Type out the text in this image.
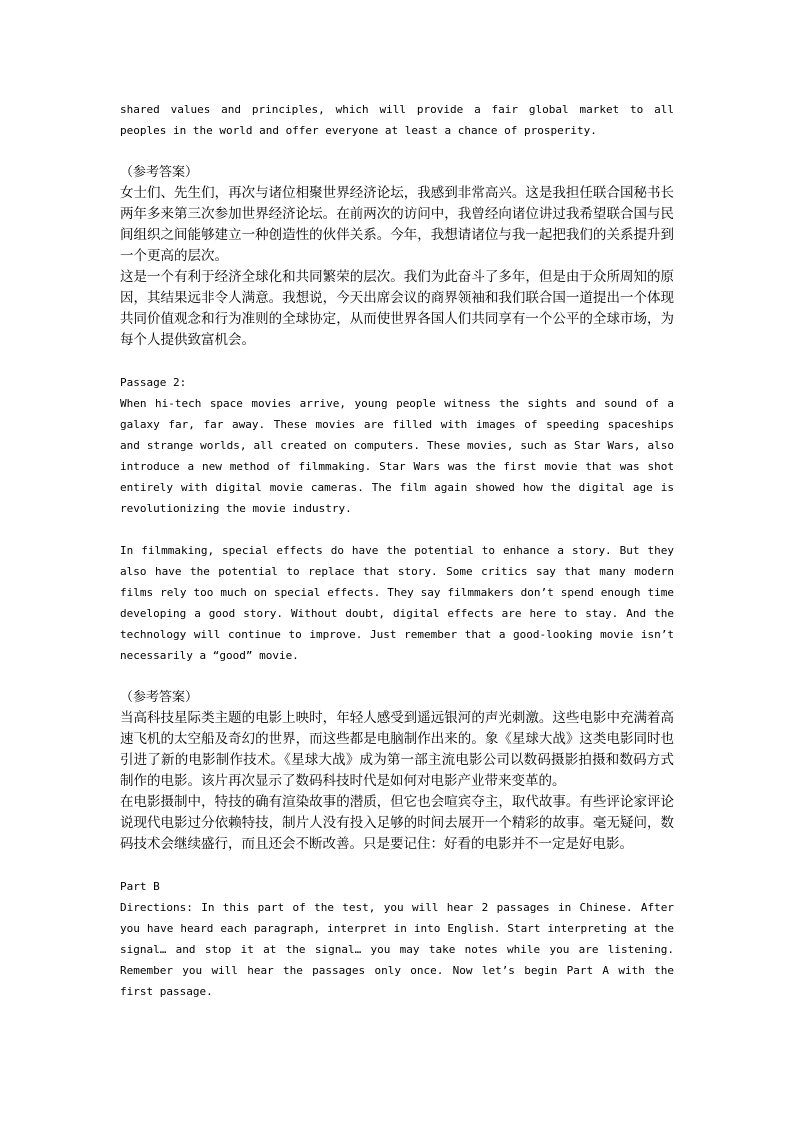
shared values and principles, which will provide a fair global market to all peoples in the world and offer everyone at least a chance of prosperity.

（参考答案）

女士们、先生们，再次与诸位相聚世界经济论坛，我感到非常高兴。这是我担任联合国秘书长两年多来第三次参加世界经济论坛。在前两次的访问中，我曾经向诸位讲过我希望联合国与民间组织之间能够建立一种创造性的伙伴关系。今年，我想请诸位与我一起把我们的关系提升到一个更高的层次。

这是一个有利于经济全球化和共同繁荣的层次。我们为此奋斗了多年，但是由于众所周知的原因，其结果远非令人满意。我想说，今天出席会议的商界领袖和我们联合国一道提出一个体现共同价值观念和行为准则的全球协定，从而使世界各国人们共同享有一个公平的全球市场，为每个人提供致富机会。

Passage 2:

When hi-tech space movies arrive, young people witness the sights and sound of a galaxy far, far away. These movies are filled with images of speeding spaceships and strange worlds, all created on computers. These movies, such as Star Wars, also introduce a new method of filmmaking. Star Wars was the first movie that was shot entirely with digital movie cameras. The film again showed how the digital age is revolutionizing the movie industry.

In filmmaking, special effects do have the potential to enhance a story. But they also have the potential to replace that story. Some critics say that many modern films rely too much on special effects. They say filmmakers don’t spend enough time developing a good story. Without doubt, digital effects are here to stay. And the technology will continue to improve. Just remember that a good-looking movie isn’t necessarily a “good” movie.

（参考答案）

当高科技星际类主题的电影上映时，年轻人感受到遥远银河的声光刺激。这些电影中充满着高速飞机的太空船及奇幻的世界，而这些都是电脑制作出来的。象《星球大战》这类电影同时也引进了新的电影制作技术。《星球大战》成为第一部主流电影公司以数码摄影拍摄和数码方式制作的电影。该片再次显示了数码科技时代是如何对电影产业带来变革的。

在电影摄制中，特技的确有渲染故事的潜质，但它也会喧宾夺主，取代故事。有些评论家评论说现代电影过分依赖特技，制片人没有投入足够的时间去展开一个精彩的故事。毫无疑问，数码技术会继续盛行，而且还会不断改善。只是要记住：好看的电影并不一定是好电影。

Part B

Directions: In this part of the test, you will hear 2 passages in Chinese. After you have heard each paragraph, interpret in into English. Start interpreting at the signal… and stop it at the signal… you may take notes while you are listening. Remember you will hear the passages only once. Now let’s begin Part A with the first passage.
